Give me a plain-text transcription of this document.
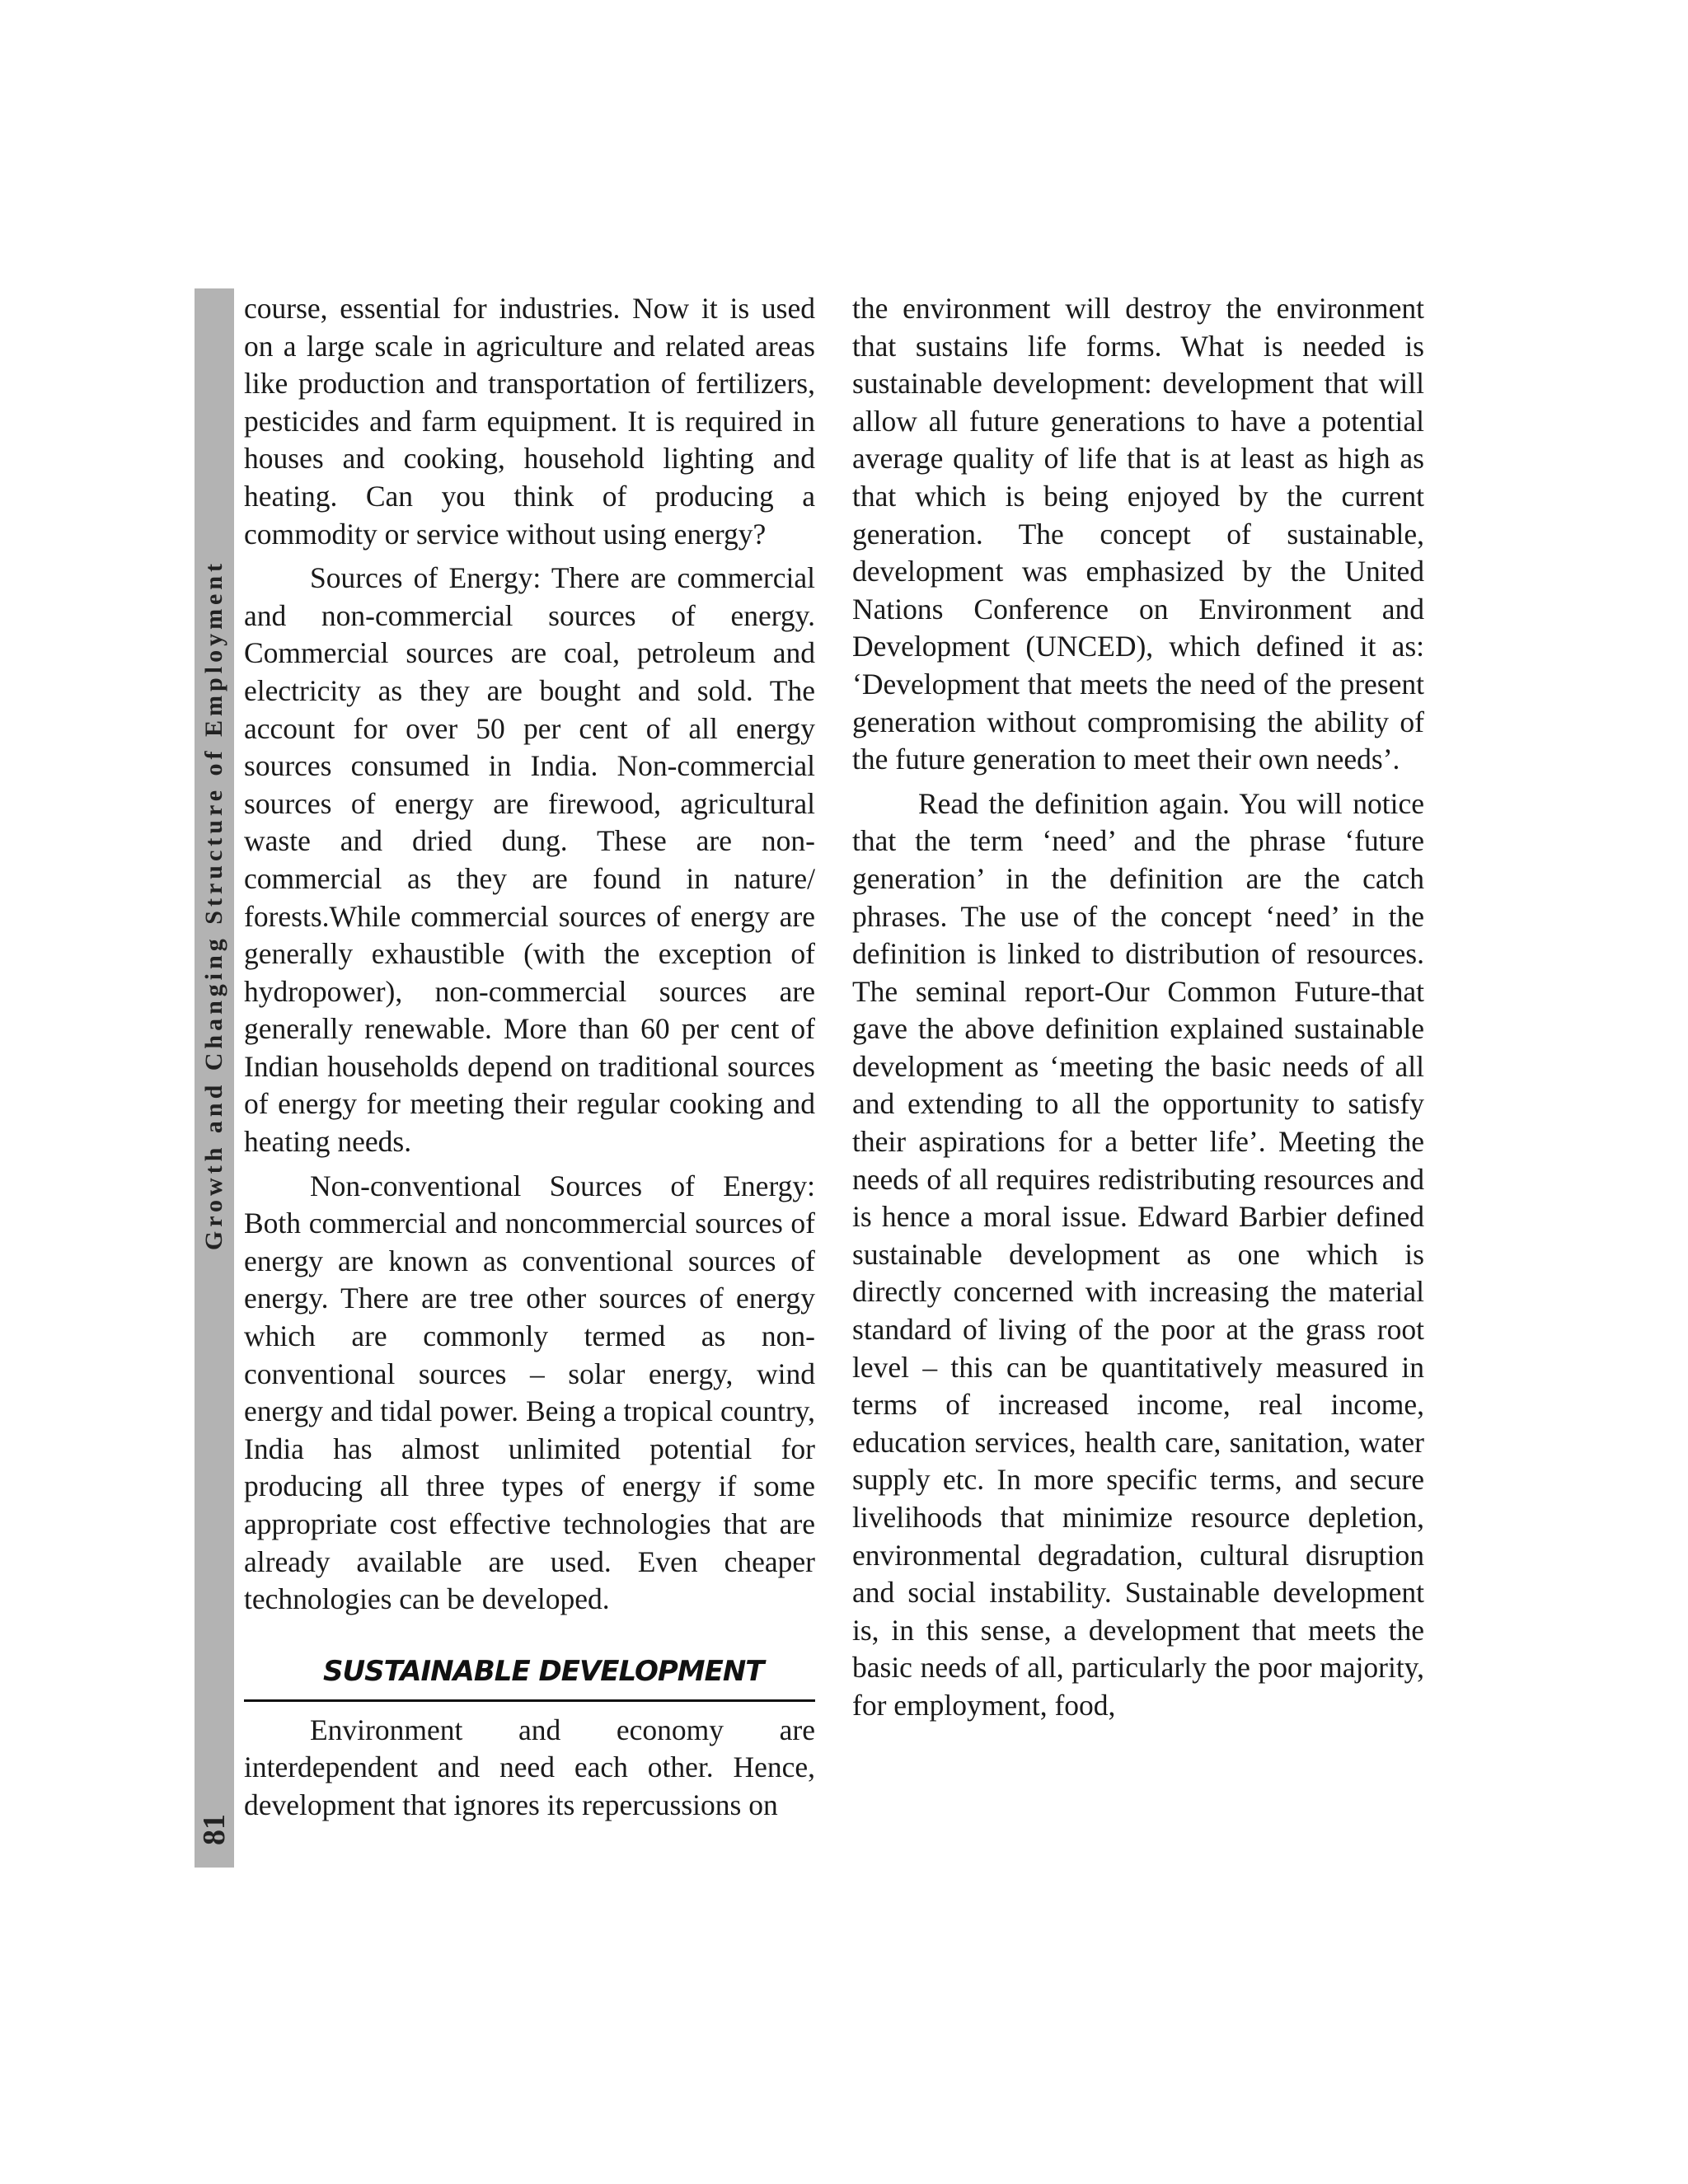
Growth and Changing Structure of Employment
81

course, essential for industries. Now it is used on a large scale in agriculture and related areas like production and transportation of fertilizers, pesticides and farm equipment. It is required in houses and cooking, household lighting and heating. Can you think of producing a commodity or service without using energy?

Sources of Energy: There are commercial and non-commercial sources of energy. Commercial sources are coal, petroleum and electricity as they are bought and sold. The account for over 50 per cent of all energy sources consumed in India. Non-commercial sources of energy are firewood, agricultural waste and dried dung. These are non-commercial as they are found in nature/ forests.While commercial sources of energy are generally exhaustible (with the exception of hydropower), non-commercial sources are generally renewable. More than 60 per cent of Indian households depend on traditional sources of energy for meeting their regular cooking and heating needs.

Non-conventional Sources of Energy: Both commercial and noncommercial sources of energy are known as conventional sources of energy. There are tree other sources of energy which are commonly termed as non-conventional sources – solar energy, wind energy and tidal power. Being a tropical country, India has almost unlimited potential for producing all three types of energy if some appropriate cost effective technologies that are already available are used. Even cheaper technologies can be developed.

SUSTAINABLE DEVELOPMENT

Environment and economy are interdependent and need each other. Hence, development that ignores its repercussions on

the environment will destroy the environment that sustains life forms. What is needed is sustainable development: development that will allow all future generations to have a potential average quality of life that is at least as high as that which is being enjoyed by the current generation. The concept of sustainable, development was emphasized by the United Nations Conference on Environment and Development (UNCED), which defined it as: ‘Development that meets the need of the present generation without compromising the ability of the future generation to meet their own needs’.

Read the definition again. You will notice that the term ‘need’ and the phrase ‘future generation’ in the definition are the catch phrases. The use of the concept ‘need’ in the definition is linked to distribution of resources. The seminal report-Our Common Future-that gave the above definition explained sustainable development as ‘meeting the basic needs of all and extending to all the opportunity to satisfy their aspirations for a better life’. Meeting the needs of all requires redistributing resources and is hence a moral issue. Edward Barbier defined sustainable development as one which is directly concerned with increasing the material standard of living of the poor at the grass root level – this can be quantitatively measured in terms of increased income, real income, education services, health care, sanitation, water supply etc. In more specific terms, and secure livelihoods that minimize resource depletion, environmental degradation, cultural disruption and social instability. Sustainable development is, in this sense, a development that meets the basic needs of all, particularly the poor majority, for employment, food,
